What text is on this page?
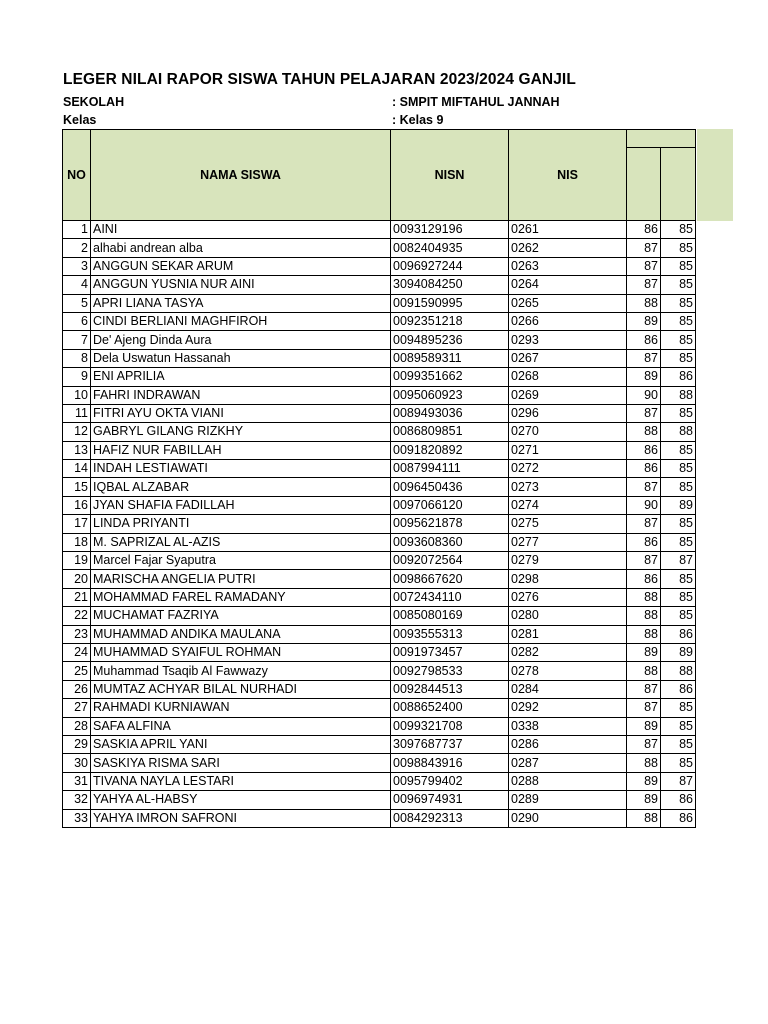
LEGER NILAI RAPOR SISWA TAHUN PELAJARAN 2023/2024 GANJIL
SEKOLAH	: SMPIT MIFTAHUL JANNAH
Kelas	: Kelas 9
NO	NAMA SISWA	NISN	NIS		

1	AINI	0093129196	0261	86	85
2	alhabi andrean alba	0082404935	0262	87	85
3	ANGGUN SEKAR ARUM	0096927244	0263	87	85
4	ANGGUN YUSNIA NUR AINI	3094084250	0264	87	85
5	APRI LIANA TASYA	0091590995	0265	88	85
6	CINDI BERLIANI MAGHFIROH	0092351218	0266	89	85
7	De' Ajeng Dinda Aura	0094895236	0293	86	85
8	Dela Uswatun Hassanah	0089589311	0267	87	85
9	ENI APRILIA	0099351662	0268	89	86
10	FAHRI INDRAWAN	0095060923	0269	90	88
11	FITRI AYU OKTA VIANI	0089493036	0296	87	85
12	GABRYL GILANG RIZKHY	0086809851	0270	88	88
13	HAFIZ NUR FABILLAH	0091820892	0271	86	85
14	INDAH LESTIAWATI	0087994111	0272	86	85
15	IQBAL ALZABAR	0096450436	0273	87	85
16	JYAN SHAFIA FADILLAH	0097066120	0274	90	89
17	LINDA PRIYANTI	0095621878	0275	87	85
18	M. SAPRIZAL AL-AZIS	0093608360	0277	86	85
19	Marcel Fajar Syaputra	0092072564	0279	87	87
20	MARISCHA ANGELIA PUTRI	0098667620	0298	86	85
21	MOHAMMAD FAREL RAMADANY	0072434110	0276	88	85
22	MUCHAMAT FAZRIYA	0085080169	0280	88	85
23	MUHAMMAD ANDIKA MAULANA	0093555313	0281	88	86
24	MUHAMMAD SYAIFUL ROHMAN	0091973457	0282	89	89
25	Muhammad Tsaqib Al Fawwazy	0092798533	0278	88	88
26	MUMTAZ ACHYAR BILAL NURHADI	0092844513	0284	87	86
27	RAHMADI KURNIAWAN	0088652400	0292	87	85
28	SAFA ALFINA	0099321708	0338	89	85
29	SASKIA APRIL YANI	3097687737	0286	87	85
30	SASKIYA RISMA SARI	0098843916	0287	88	85
31	TIVANA NAYLA LESTARI	0095799402	0288	89	87
32	YAHYA AL-HABSY	0096974931	0289	89	86
33	YAHYA IMRON SAFRONI	0084292313	0290	88	86
